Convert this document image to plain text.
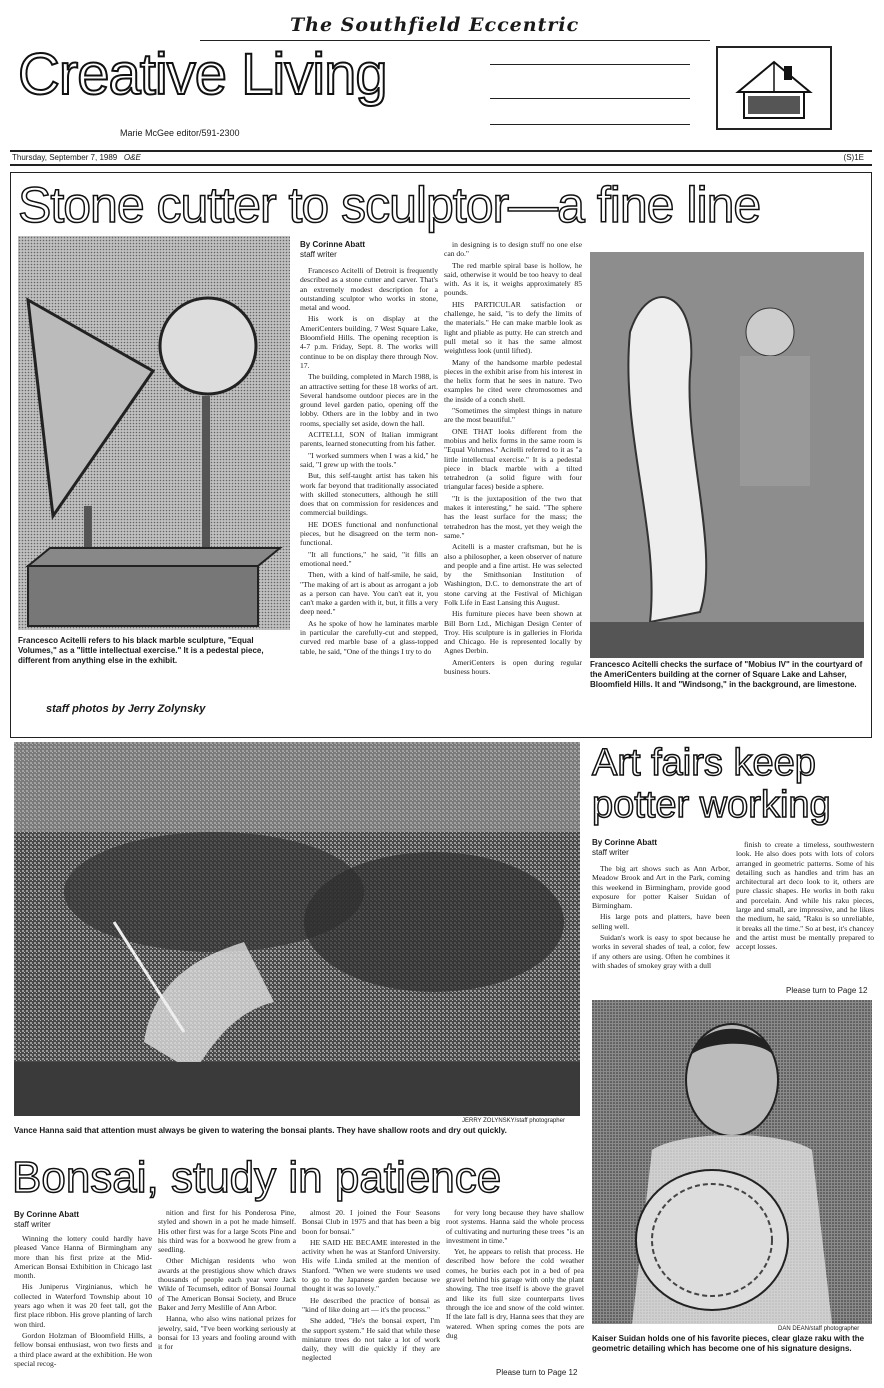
The Southfield Eccentric
Creative Living
Marie McGee editor/591-2300
Thursday, September 7, 1989 O&E	(S)1E
Stone cutter to sculptor—a fine line
Francesco Acitelli refers to his black marble sculpture, "Equal Volumes," as a "little intellectual exercise." It is a pedestal piece, different from anything else in the exhibit.
staff photos by Jerry Zolynsky
By Corinne Abatt
staff writer

Francesco Acitelli of Detroit is frequently described as a stone cutter and carver. That's an extremely modest description for a outstanding sculptor who works in stone, metal and wood.

His work is on display at the AmeriCenters building, 7 West Square Lake, Bloomfield Hills. The opening reception is 4-7 p.m. Friday, Sept. 8. The works will continue to be on display there through Nov. 17.

The building, completed in March 1988, is an attractive setting for these 18 works of art. Several handsome outdoor pieces are in the ground level garden patio, opening off the lobby. Others are in the lobby and in two rooms, specially set aside, down the hall.

ACITELLI, SON of Italian immigrant parents, learned stonecutting from his father.

"I worked summers when I was a kid," he said, "I grew up with the tools."

But, this self-taught artist has taken his work far beyond that traditionally associated with skilled stonecutters, although he still does that on commission for residences and commercial buildings.

HE DOES functional and nonfunctional pieces, but he disagreed on the term non-functional.

"It all functions," he said, "it fills an emotional need."

Then, with a kind of half-smile, he said, "The making of art is about as arrogant a job as a person can have. You can't eat it, you can't make a garden with it, but, it fills a very deep need."

As he spoke of how he laminates marble in particular the carefully-cut and stepped, curved red marble base of a glass-topped table, he said, "One of the things I try to do

in designing is to design stuff no one else can do."

The red marble spiral base is hollow, he said, otherwise it would be too heavy to deal with. As it is, it weighs approximately 85 pounds.

HIS PARTICULAR satisfaction or challenge, he said, "is to defy the limits of the materials." He can make marble look as light and pliable as putty. He can stretch and pull metal so it has the same almost weightless look (until lifted).

Many of the handsome marble pedestal pieces in the exhibit arise from his interest in the helix form that he sees in nature. Two examples he cited were chromosomes and the inside of a conch shell.

"Sometimes the simplest things in nature are the most beautiful."

ONE THAT looks different from the mobius and helix forms in the same room is "Equal Volumes." Acitelli referred to it as "a little intellectual exercise." It is a pedestal piece in black marble with a tilted tetrahedron (a solid figure with four triangular faces) beside a sphere.

"It is the juxtaposition of the two that makes it interesting," he said. "The sphere has the least surface for the mass; the tetrahedron has the most, yet they weigh the same."

Acitelli is a master craftsman, but he is also a philosopher, a keen observer of nature and people and a fine artist. He was selected by the Smithsonian Institution of Washington, D.C. to demonstrate the art of stone carving at the Festival of Michigan Folk Life in East Lansing this August.

His furniture pieces have been shown at Bill Born Ltd., Michigan Design Center of Troy. His sculpture is in galleries in Florida and Chicago. He is represented locally by Agnes Derbin.

AmeriCenters is open during regular business hours.

Francesco Acitelli checks the surface of "Mobius IV" in the courtyard of the AmeriCenters building at the corner of Square Lake and Lahser, Bloomfield Hills. It and "Windsong," in the background, are limestone.
JERRY ZOLYNSKY/staff photographer
Vance Hanna said that attention must always be given to watering the bonsai plants. They have shallow roots and dry out quickly.
Bonsai, study in patience
By Corinne Abatt
staff writer

Winning the lottery could hardly have pleased Vance Hanna of Birmingham any more than his first prize at the Mid-American Bonsai Exhibition in Chicago last month.

His Juniperus Virginianus, which he collected in Waterford Township about 10 years ago when it was 20 feet tall, got the first place ribbon. His grove planting of larch won third.

Gordon Holzman of Bloomfield Hills, a fellow bonsai enthusiast, won two firsts and a third place award at the exhibition. He won special recog-

nition and first for his Ponderosa Pine, styled and shown in a pot he made himself. His other first was for a large Scots Pine and his third was for a boxwood he grew from a seedling.

Other Michigan residents who won awards at the prestigious show which draws thousands of people each year were Jack Wikle of Tecumseh, editor of Bonsai Journal of The American Bonsai Society, and Bruce Baker and Jerry Meslille of Ann Arbor.

Hanna, who also wins national prizes for jewelry, said, "I've been working seriously at bonsai for 13 years and fooling around with it for

almost 20. I joined the Four Seasons Bonsai Club in 1975 and that has been a big boon for bonsai."

HE SAID HE BECAME interested in the activity when he was at Stanford University. His wife Linda smiled at the mention of Stanford. "When we were students we used to go to the Japanese garden because we thought it was so lovely."

He described the practice of bonsai as "kind of like doing art — it's the process."

She added, "He's the bonsai expert, I'm the support system." He said that while these miniature trees do not take a lot of work daily, they will die quickly if they are neglected

for very long because they have shallow root systems. Hanna said the whole process of cultivating and nurturing these trees "is an investment in time."

Yet, he appears to relish that process. He described how before the cold weather comes, he buries each pot in a bed of pea gravel behind his garage with only the plant showing. The tree itself is above the gravel and like its full size counterparts lives through the ice and snow of the cold winter. If the late fall is dry, Hanna sees that they are watered. When spring comes the pots are dug

Please turn to Page 12
Art fairs keep
potter working
By Corinne Abatt
staff writer

The big art shows such as Ann Arbor, Meadow Brook and Art in the Park, coming this weekend in Birmingham, provide good exposure for potter Kaiser Suidan of Birmingham.

His large pots and platters, have been selling well.

Suidan's work is easy to spot because he works in several shades of teal, a color, few if any others are using. Often he combines it with shades of smokey gray with a dull

finish to create a timeless, southwestern look. He also does pots with lots of colors arranged in geometric patterns. Some of his detailing such as handles and trim has an architectural art deco look to it, others are pure classic shapes. He works in both raku and porcelain. And while his raku pieces, large and small, are impressive, and he likes the medium, he said, "Raku is so unreliable, it breaks all the time." So at best, it's chancey and the artist must be mentally prepared to accept losses.

Please turn to Page 12
DAN DEAN/staff photographer
Kaiser Suidan holds one of his favorite pieces, clear glaze raku with the geometric detailing which has become one of his signature designs.
